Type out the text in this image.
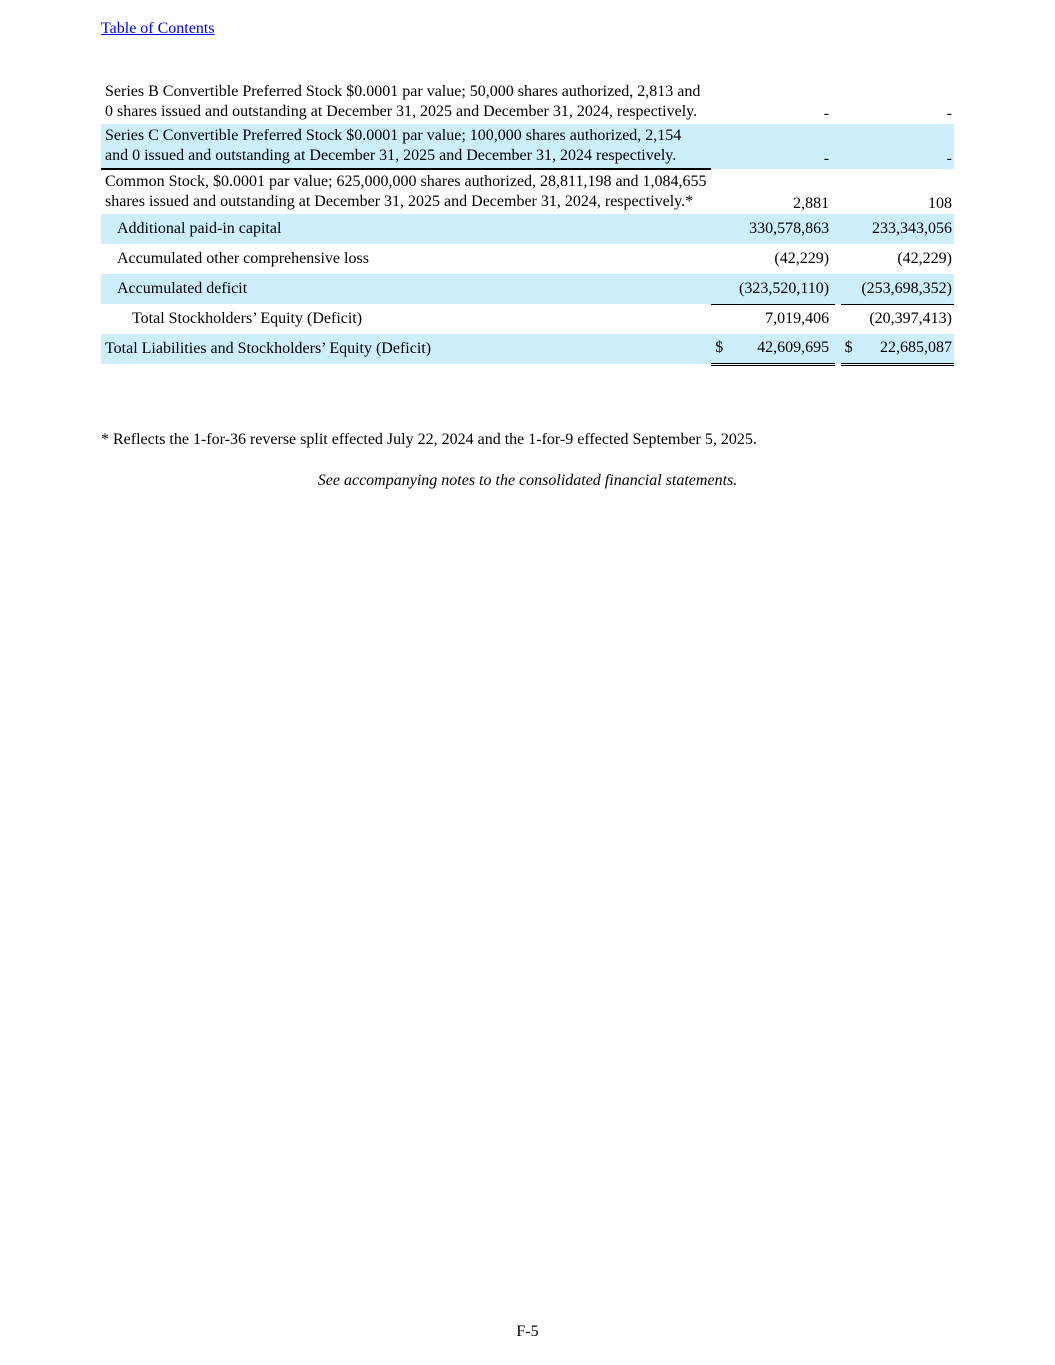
Table of Contents
Series B Convertible Preferred Stock $0.0001 par value; 50,000 shares authorized, 2,813 and 0 shares issued and outstanding at December 31, 2025 and December 31, 2024, respectively.	-		-
Series C Convertible Preferred Stock $0.0001 par value; 100,000 shares authorized, 2,154 and 0 issued and outstanding at December 31, 2025 and December 31, 2024 respectively.	-		-
Common Stock, $0.0001 par value; 625,000,000 shares authorized, 28,811,198 and 1,084,655 shares issued and outstanding at December 31, 2025 and December 31, 2024, respectively.*	2,881		108
Additional paid-in capital	330,578,863		233,343,056
Accumulated other comprehensive loss	(42,229)		(42,229)
Accumulated deficit	(323,520,110)		(253,698,352)
Total Stockholders’ Equity (Deficit)	7,019,406		(20,397,413)
Total Liabilities and Stockholders’ Equity (Deficit)	$ 42,609,695		$ 22,685,087
* Reflects the 1-for-36 reverse split effected July 22, 2024 and the 1-for-9 effected September 5, 2025.
See accompanying notes to the consolidated financial statements.
F-5
